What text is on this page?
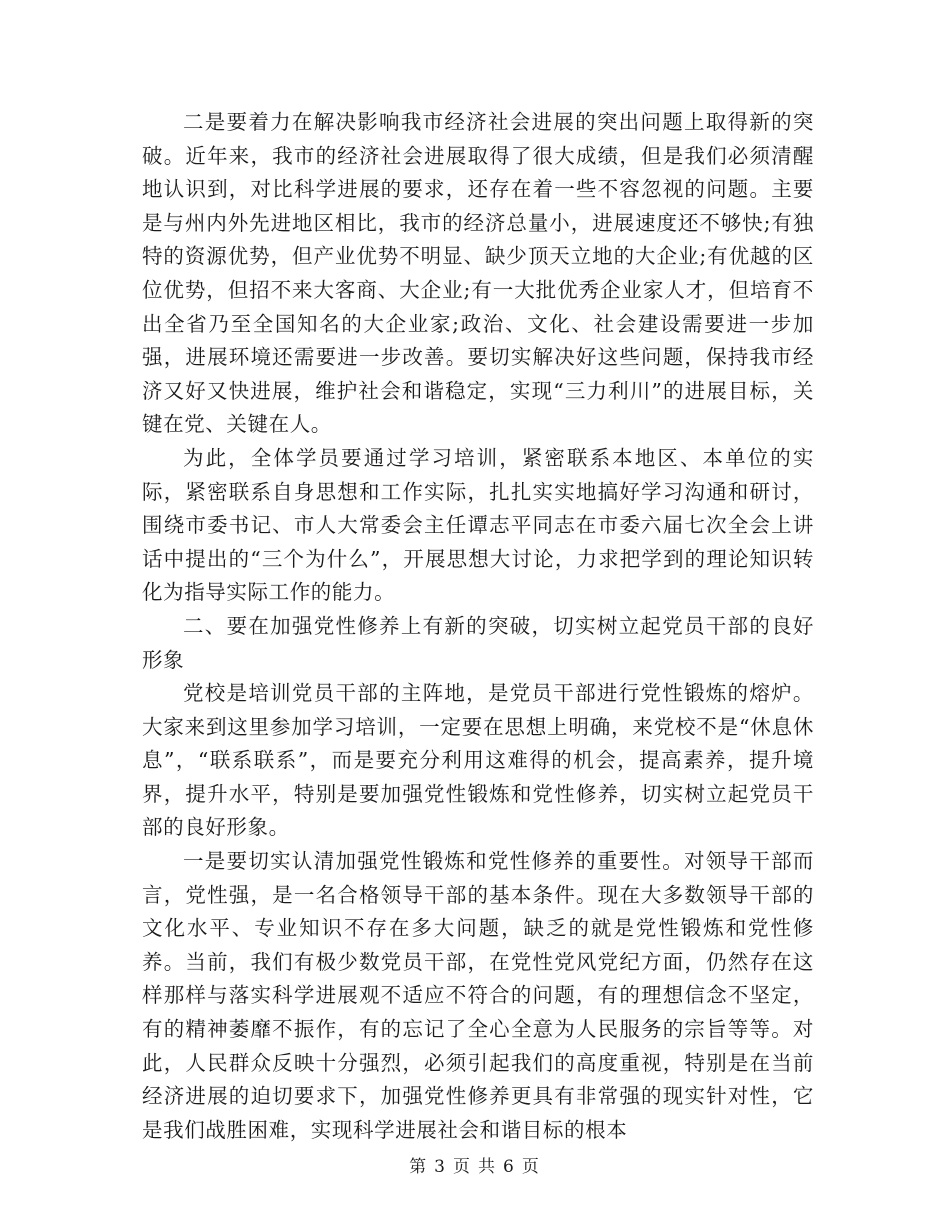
二是要着力在解决影响我市经济社会进展的突出问题上取得新的突破。近年来，我市的经济社会进展取得了很大成绩，但是我们必须清醒地认识到，对比科学进展的要求，还存在着一些不容忽视的问题。主要是与州内外先进地区相比，我市的经济总量小，进展速度还不够快;有独特的资源优势，但产业优势不明显、缺少顶天立地的大企业;有优越的区位优势，但招不来大客商、大企业;有一大批优秀企业家人才，但培育不出全省乃至全国知名的大企业家;政治、文化、社会建设需要进一步加强，进展环境还需要进一步改善。要切实解决好这些问题，保持我市经济又好又快进展，维护社会和谐稳定，实现“三力利川”的进展目标，关键在党、关键在人。

为此，全体学员要通过学习培训，紧密联系本地区、本单位的实际，紧密联系自身思想和工作实际，扎扎实实地搞好学习沟通和研讨，围绕市委书记、市人大常委会主任谭志平同志在市委六届七次全会上讲话中提出的“三个为什么”，开展思想大讨论，力求把学到的理论知识转化为指导实际工作的能力。

二、要在加强党性修养上有新的突破，切实树立起党员干部的良好形象

党校是培训党员干部的主阵地，是党员干部进行党性锻炼的熔炉。大家来到这里参加学习培训，一定要在思想上明确，来党校不是“休息休息”，“联系联系”，而是要充分利用这难得的机会，提高素养，提升境界，提升水平，特别是要加强党性锻炼和党性修养，切实树立起党员干部的良好形象。

一是要切实认清加强党性锻炼和党性修养的重要性。对领导干部而言，党性强，是一名合格领导干部的基本条件。现在大多数领导干部的文化水平、专业知识不存在多大问题，缺乏的就是党性锻炼和党性修养。当前，我们有极少数党员干部，在党性党风党纪方面，仍然存在这样那样与落实科学进展观不适应不符合的问题，有的理想信念不坚定，有的精神萎靡不振作，有的忘记了全心全意为人民服务的宗旨等等。对此，人民群众反映十分强烈，必须引起我们的高度重视，特别是在当前经济进展的迫切要求下，加强党性修养更具有非常强的现实针对性，它是我们战胜困难，实现科学进展社会和谐目标的根本

第 3 页 共 6 页
